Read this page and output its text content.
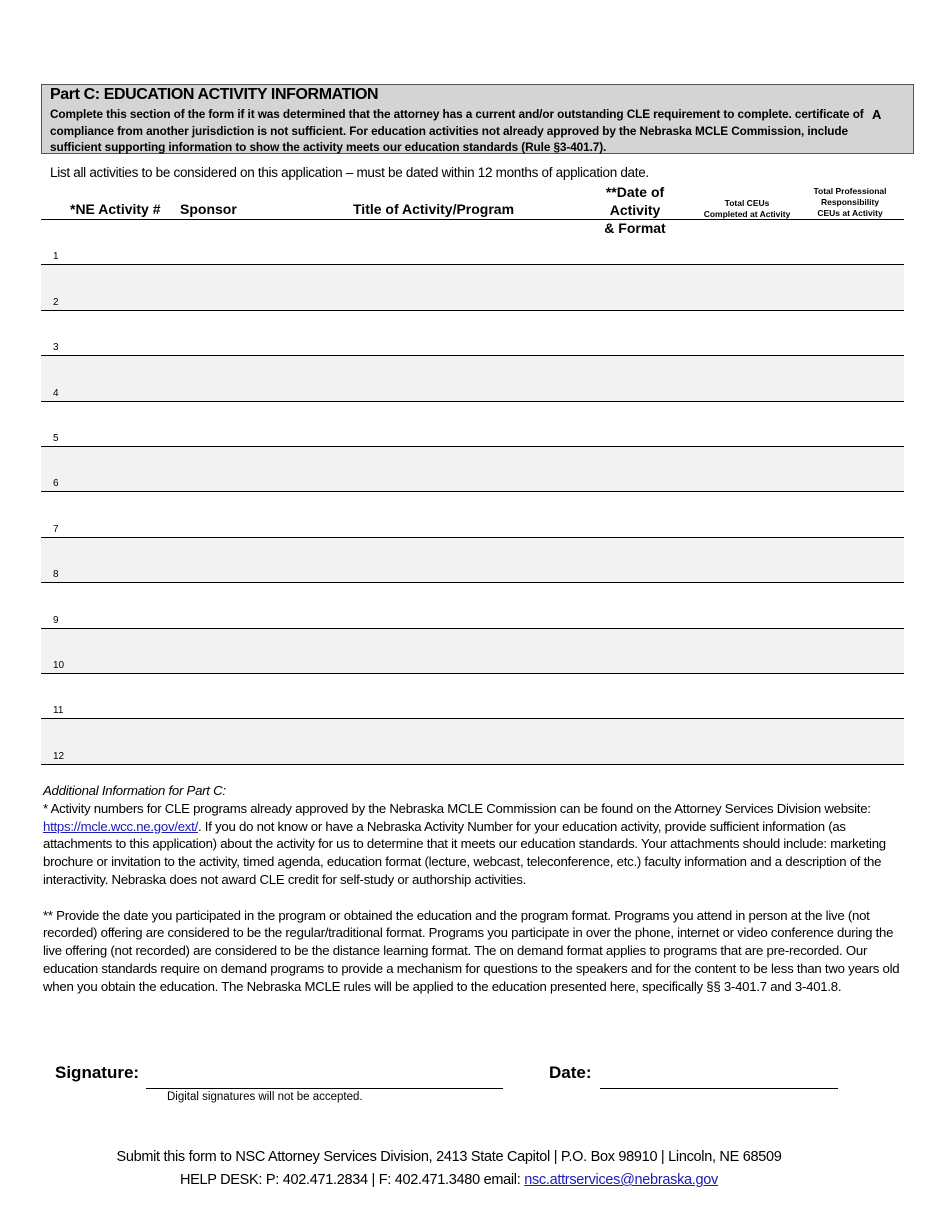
Part C: EDUCATION ACTIVITY INFORMATION
Complete this section of the form if it was determined that the attorney has a current and/or outstanding CLE requirement to complete. certificate of compliance from another jurisdiction is not sufficient. For education activities not already approved by the Nebraska MCLE Commission, include sufficient supporting information to show the activity meets our education standards (Rule §3-401.7).
A
List all activities to be considered on this application – must be dated within 12 months of application date.
*NE Activity # Sponsor	Title of Activity/Program
**Date of Activity
& Format
Total CEUs
Completed at Activity
Total Professional
Responsibility
CEUs at Activity
1
2
3
4
5
6
7
8
9
10
11
12
Additional Information for Part C:
* Activity numbers for CLE programs already approved by the Nebraska MCLE Commission can be found on the Attorney Services Division website: https://mcle.wcc.ne.gov/ext/. If you do not know or have a Nebraska Activity Number for your education activity, provide sufficient information (as attachments to this application) about the activity for us to determine that it meets our education standards. Your attachments should include: marketing brochure or invitation to the activity, timed agenda, education format (lecture, webcast, teleconference, etc.) faculty information and a description of the interactivity. Nebraska does not award CLE credit for self-study or authorship activities.
** Provide the date you participated in the program or obtained the education and the program format. Programs you attend in person at the live (not recorded) offering are considered to be the regular/traditional format. Programs you participate in over the phone, internet or video conference during the live offering (not recorded) are considered to be the distance learning format. The on demand format applies to programs that are pre-recorded. Our education standards require on demand programs to provide a mechanism for questions to the speakers and for the content to be less than two years old when you obtain the education. The Nebraska MCLE rules will be applied to the education presented here, specifically §§ 3-401.7 and 3-401.8.
Signature:
Digital signatures will not be accepted.
Date:
Submit this form to NSC Attorney Services Division, 2413 State Capitol | P.O. Box 98910 | Lincoln, NE 68509
HELP DESK: P: 402.471.2834 | F: 402.471.3480 email: nsc.attrservices@nebraska.gov
